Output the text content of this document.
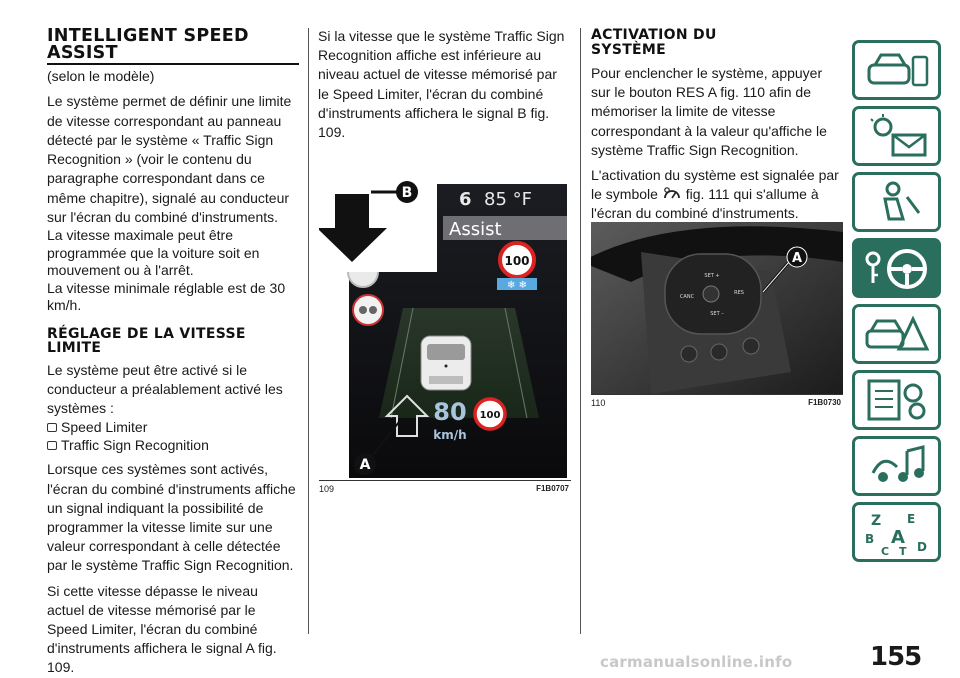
INTELLIGENT SPEED ASSIST

(selon le modèle)

Le système permet de définir une limite de vitesse correspondant au panneau détecté par le système « Traffic Sign Recognition » (voir le contenu du paragraphe correspondant dans ce même chapitre), signalé au conducteur sur l'écran du combiné d'instruments.

La vitesse maximale peut être programmée que la voiture soit en mouvement ou à l'arrêt.

La vitesse minimale réglable est de 30 km/h.

RÉGLAGE DE LA VITESSE LIMITE

Le système peut être activé si le conducteur a préalablement activé les systèmes :

Speed Limiter
Traffic Sign Recognition

Lorsque ces systèmes sont activés, l'écran du combiné d'instruments affiche un signal indiquant la possibilité de programmer la vitesse limite sur une valeur correspondant à celle détectée par le système Traffic Sign Recognition.

Si cette vitesse dépasse le niveau actuel de vitesse mémorisé par le Speed Limiter, l'écran du combiné d'instruments affichera le signal A fig. 109.

Si la vitesse que le système Traffic Sign Recognition affiche est inférieure au niveau actuel de vitesse mémorisé par le Speed Limiter, l'écran du combiné d'instruments affichera le signal B fig. 109.

6 85 °F
Assist
100
❄ ❄
80
km/h
100
B
A
109	F1B0707
ACTIVATION DU SYSTÈME

Pour enclencher le système, appuyer sur le bouton RES A fig. 110 afin de mémoriser la limite de vitesse correspondant à la valeur qu'affiche le système Traffic Sign Recognition.

L'activation du système est signalée par le symbole fig. 111 qui s'allume à l'écran du combiné d'instruments.

SET +
CANC
RES
SET –
A
110	F1B0730
Z E
B A
C T D
155
carmanualsonline.info
